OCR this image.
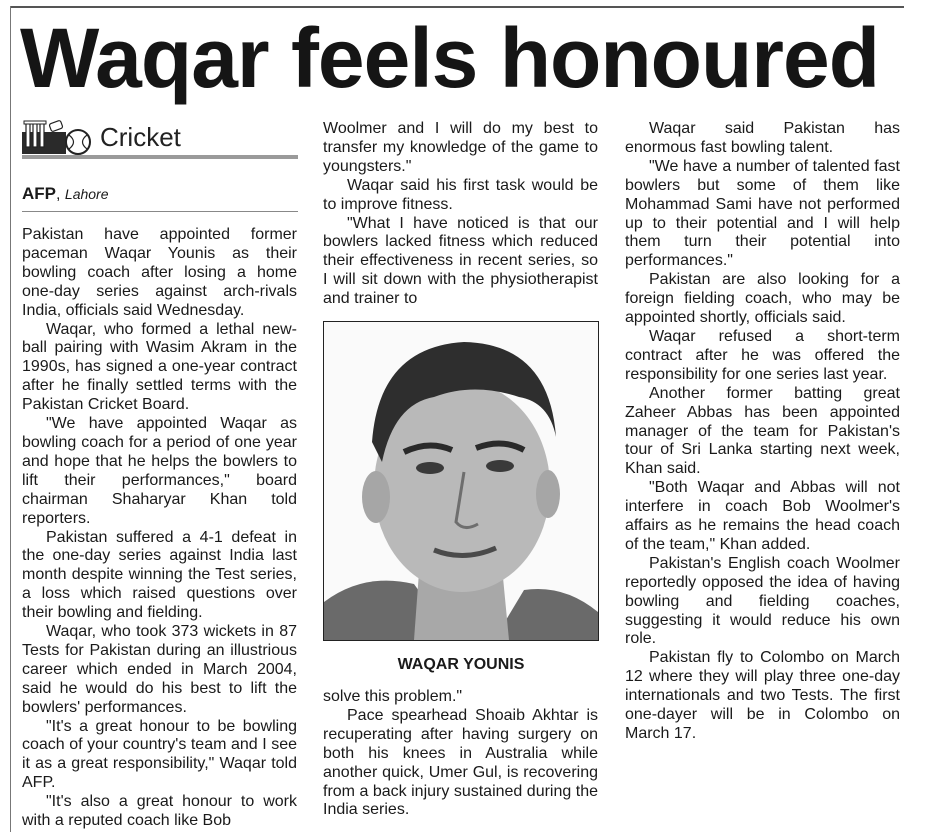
Waqar feels honoured
Cricket
AFP, Lahore

Pakistan have appointed former paceman Waqar Younis as their bowling coach after losing a home one-day series against arch-rivals India, officials said Wednesday.

Waqar, who formed a lethal new-ball pairing with Wasim Akram in the 1990s, has signed a one-year contract after he finally settled terms with the Pakistan Cricket Board.

"We have appointed Waqar as bowling coach for a period of one year and hope that he helps the bowlers to lift their performances," board chairman Shaharyar Khan told reporters.

Pakistan suffered a 4-1 defeat in the one-day series against India last month despite winning the Test series, a loss which raised questions over their bowling and fielding.

Waqar, who took 373 wickets in 87 Tests for Pakistan during an illustrious career which ended in March 2004, said he would do his best to lift the bowlers' performances.

"It's a great honour to be bowling coach of your country's team and I see it as a great responsibility," Waqar told AFP.

"It's also a great honour to work with a reputed coach like Bob

Woolmer and I will do my best to transfer my knowledge of the game to youngsters."

Waqar said his first task would be to improve fitness.

"What I have noticed is that our bowlers lacked fitness which reduced their effectiveness in recent series, so I will sit down with the physiotherapist and trainer to

WAQAR YOUNIS

solve this problem."

Pace spearhead Shoaib Akhtar is recuperating after having surgery on both his knees in Australia while another quick, Umer Gul, is recovering from a back injury sustained during the India series.

Waqar said Pakistan has enormous fast bowling talent.

"We have a number of talented fast bowlers but some of them like Mohammad Sami have not performed up to their potential and I will help them turn their potential into performances."

Pakistan are also looking for a foreign fielding coach, who may be appointed shortly, officials said.

Waqar refused a short-term contract after he was offered the responsibility for one series last year.

Another former batting great Zaheer Abbas has been appointed manager of the team for Pakistan's tour of Sri Lanka starting next week, Khan said.

"Both Waqar and Abbas will not interfere in coach Bob Woolmer's affairs as he remains the head coach of the team," Khan added.

Pakistan's English coach Woolmer reportedly opposed the idea of having bowling and fielding coaches, suggesting it would reduce his own role.

Pakistan fly to Colombo on March 12 where they will play three one-day internationals and two Tests. The first one-dayer will be in Colombo on March 17.
